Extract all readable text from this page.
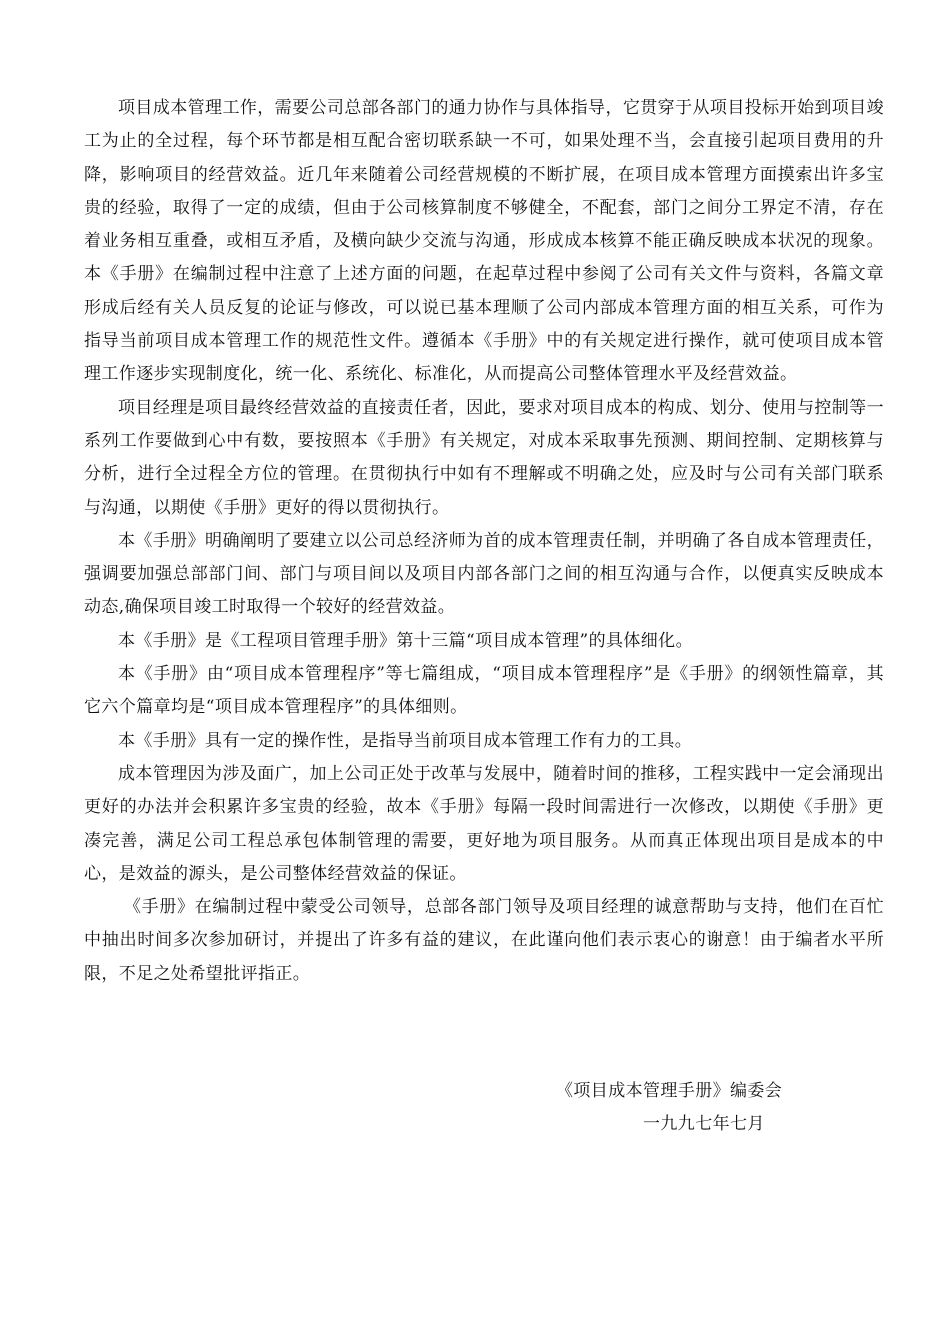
项目成本管理工作，需要公司总部各部门的通力协作与具体指导，它贯穿于从项目投标开始到项目竣工为止的全过程，每个环节都是相互配合密切联系缺一不可，如果处理不当，会直接引起项目费用的升降，影响项目的经营效益。近几年来随着公司经营规模的不断扩展，在项目成本管理方面摸索出许多宝贵的经验，取得了一定的成绩，但由于公司核算制度不够健全，不配套，部门之间分工界定不清，存在着业务相互重叠，或相互矛盾，及横向缺少交流与沟通，形成成本核算不能正确反映成本状况的现象。本《手册》在编制过程中注意了上述方面的问题，在起草过程中参阅了公司有关文件与资料，各篇文章形成后经有关人员反复的论证与修改，可以说已基本理顺了公司内部成本管理方面的相互关系，可作为指导当前项目成本管理工作的规范性文件。遵循本《手册》中的有关规定进行操作，就可使项目成本管理工作逐步实现制度化，统一化、系统化、标准化，从而提高公司整体管理水平及经营效益。

项目经理是项目最终经营效益的直接责任者，因此，要求对项目成本的构成、划分、使用与控制等一系列工作要做到心中有数，要按照本《手册》有关规定，对成本采取事先预测、期间控制、定期核算与分析，进行全过程全方位的管理。在贯彻执行中如有不理解或不明确之处，应及时与公司有关部门联系与沟通，以期使《手册》更好的得以贯彻执行。

本《手册》明确阐明了要建立以公司总经济师为首的成本管理责任制，并明确了各自成本管理责任，强调要加强总部部门间、部门与项目间以及项目内部各部门之间的相互沟通与合作，以便真实反映成本动态,确保项目竣工时取得一个较好的经营效益。

本《手册》是《工程项目管理手册》第十三篇“项目成本管理”的具体细化。

本《手册》由“项目成本管理程序”等七篇组成，“项目成本管理程序”是《手册》的纲领性篇章，其它六个篇章均是“项目成本管理程序”的具体细则。

本《手册》具有一定的操作性，是指导当前项目成本管理工作有力的工具。

成本管理因为涉及面广，加上公司正处于改革与发展中，随着时间的推移，工程实践中一定会涌现出更好的办法并会积累许多宝贵的经验，故本《手册》每隔一段时间需进行一次修改，以期使《手册》更凑完善，满足公司工程总承包体制管理的需要，更好地为项目服务。从而真正体现出项目是成本的中心，是效益的源头，是公司整体经营效益的保证。

《手册》在编制过程中蒙受公司领导，总部各部门领导及项目经理的诚意帮助与支持，他们在百忙中抽出时间多次参加研讨，并提出了许多有益的建议，在此谨向他们表示衷心的谢意！由于编者水平所限，不足之处希望批评指正。

《项目成本管理手册》编委会
一九九七年七月
